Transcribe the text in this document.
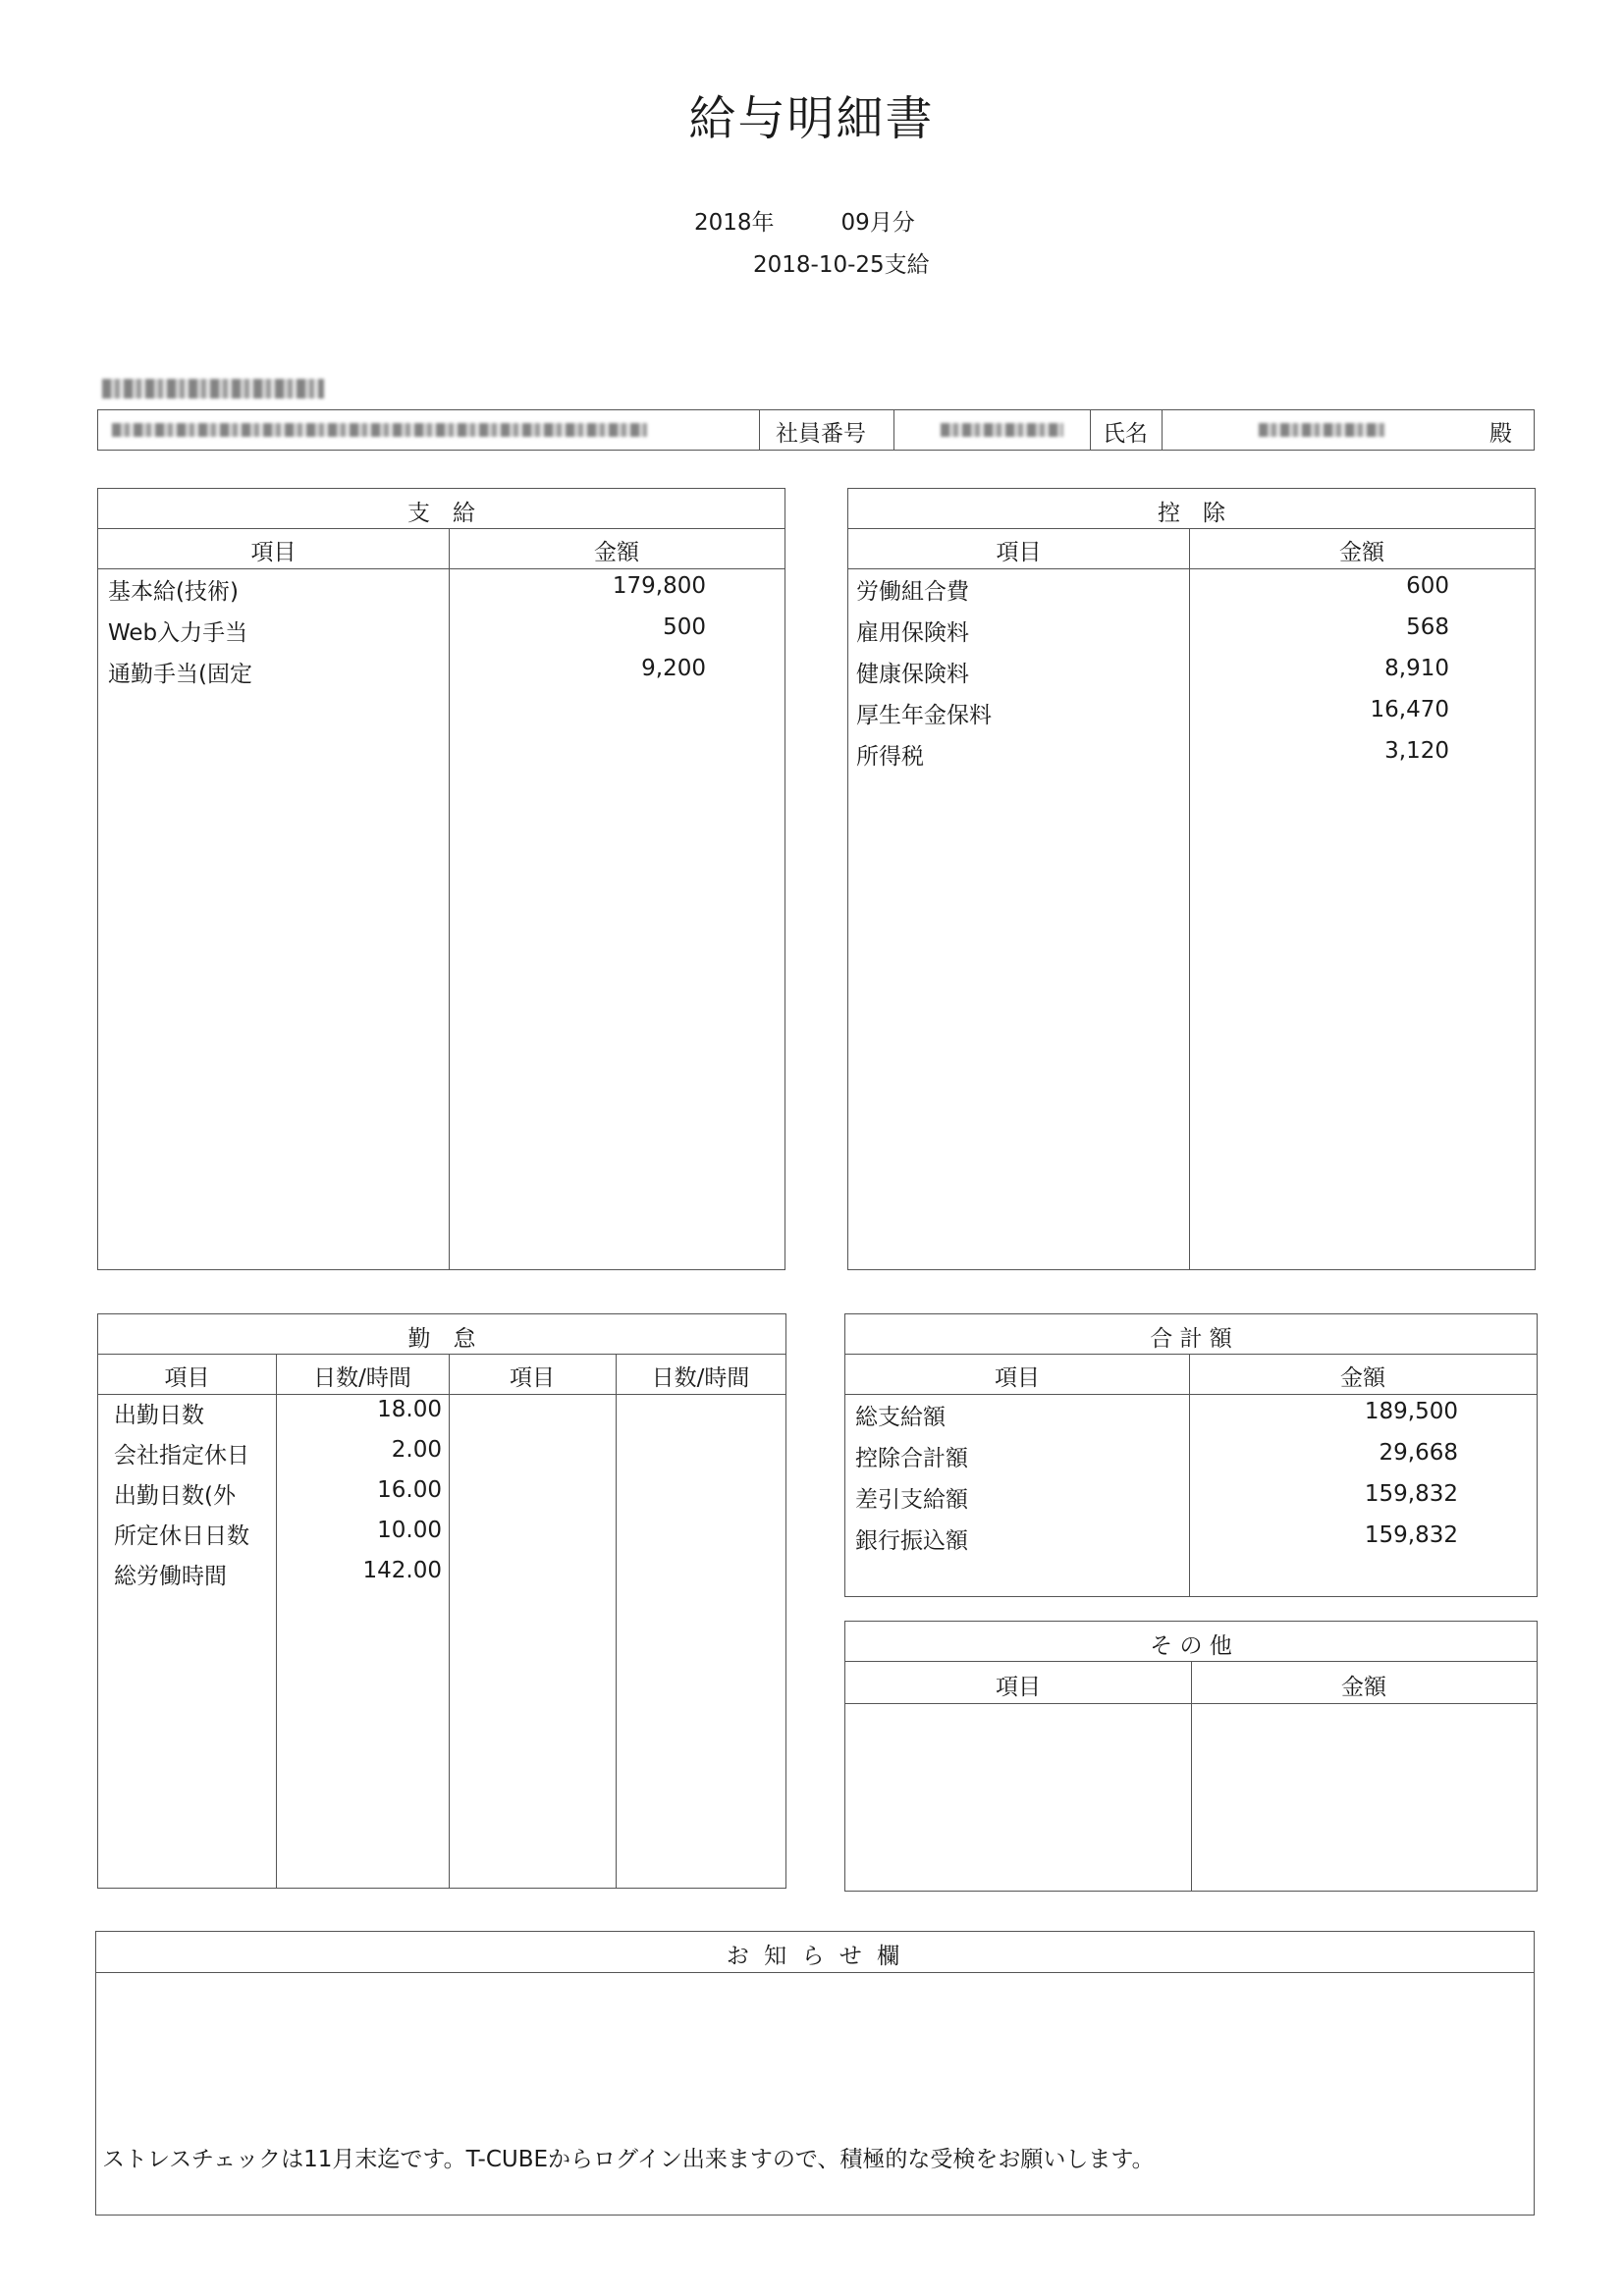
給与明細書
2018年	09月分
2018-10-25支給
社員番号	氏名	殿
支　給
項目	金額
基本給(技術)	179,800
Web入力手当	500
通勤手当(固定	9,200
控　除
項目	金額
労働組合費	600
雇用保険料	568
健康保険料	8,910
厚生年金保料	16,470
所得税	3,120
勤　怠
項目	日数/時間	項目	日数/時間
出勤日数	18.00
会社指定休日	2.00
出勤日数(外	16.00
所定休日日数	10.00
総労働時間	142.00
合 計 額
項目	金額
総支給額	189,500
控除合計額	29,668
差引支給額	159,832
銀行振込額	159,832
そ の 他
項目	金額
お 知 ら せ 欄
ストレスチェックは11月末迄です。T-CUBEからログイン出来ますので、積極的な受検をお願いします。
